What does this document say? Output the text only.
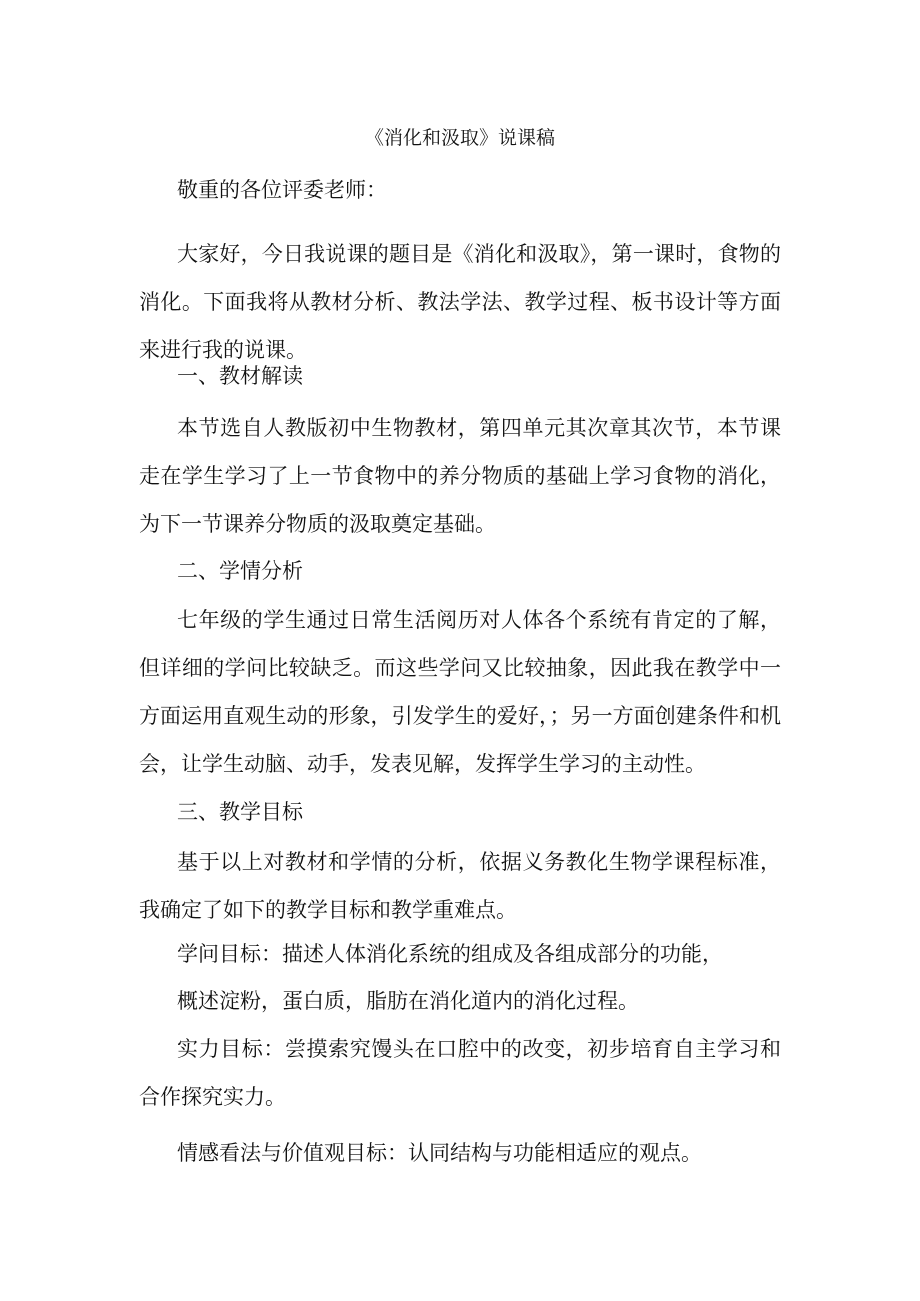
《消化和汲取》说课稿
敬重的各位评委老师：
大家好，今日我说课的题目是《消化和汲取》，第一课时，食物的消化。下面我将从教材分析、教法学法、教学过程、板书设计等方面来进行我的说课。
一、教材解读
本节选自人教版初中生物教材，第四单元其次章其次节，本节课走在学生学习了上一节食物中的养分物质的基础上学习食物的消化，为下一节课养分物质的汲取奠定基础。
二、学情分析
七年级的学生通过日常生活阅历对人体各个系统有肯定的了解，但详细的学问比较缺乏。而这些学问又比较抽象，因此我在教学中一方面运用直观生动的形象，引发学生的爱好，；另一方面创建条件和机会，让学生动脑、动手，发表见解，发挥学生学习的主动性。
三、教学目标
基于以上对教材和学情的分析，依据义务教化生物学课程标准，我确定了如下的教学目标和教学重难点。
学问目标：描述人体消化系统的组成及各组成部分的功能，
概述淀粉，蛋白质，脂肪在消化道内的消化过程。
实力目标：尝摸索究馒头在口腔中的改变，初步培育自主学习和合作探究实力。
情感看法与价值观目标：认同结构与功能相适应的观点。
